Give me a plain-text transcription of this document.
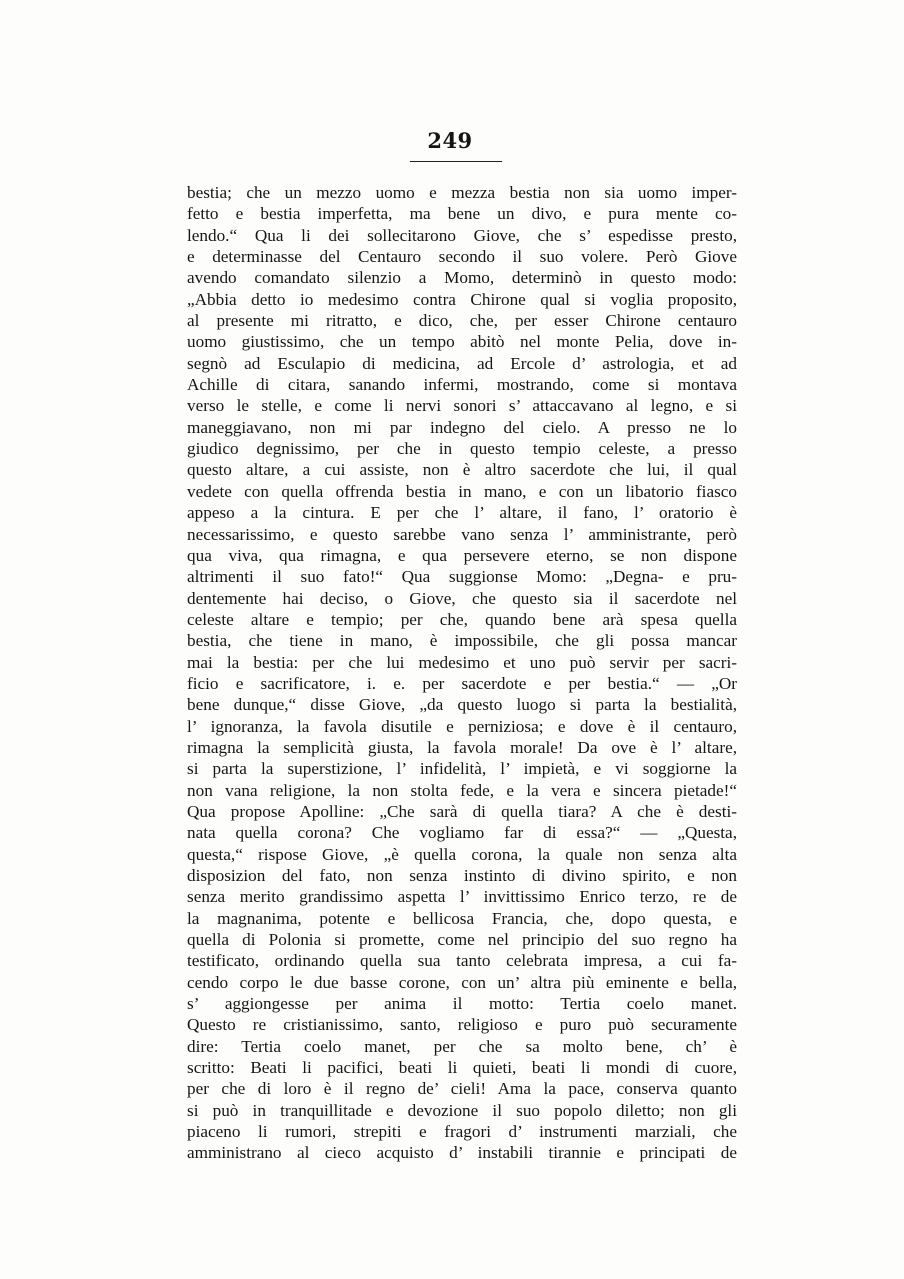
249
bestia; che un mezzo uomo e mezza bestia non sia uomo imper-
fetto e bestia imperfetta, ma bene un divo, e pura mente co-
lendo.“ Qua li dei sollecitarono Giove, che s’ espedisse presto,
e determinasse del Centauro secondo il suo volere. Però Giove
avendo comandato silenzio a Momo, determinò in questo modo:
„Abbia detto io medesimo contra Chirone qual si voglia proposito,
al presente mi ritratto, e dico, che, per esser Chirone centauro
uomo giustissimo, che un tempo abitò nel monte Pelia, dove in-
segnò ad Esculapio di medicina, ad Ercole d’ astrologia, et ad
Achille di citara, sanando infermi, mostrando, come si montava
verso le stelle, e come li nervi sonori s’ attaccavano al legno, e si
maneggiavano, non mi par indegno del cielo. A presso ne lo
giudico degnissimo, per che in questo tempio celeste, a presso
questo altare, a cui assiste, non è altro sacerdote che lui, il qual
vedete con quella offrenda bestia in mano, e con un libatorio fiasco
appeso a la cintura. E per che l’ altare, il fano, l’ oratorio è
necessarissimo, e questo sarebbe vano senza l’ amministrante, però
qua viva, qua rimagna, e qua persevere eterno, se non dispone
altrimenti il suo fato!“ Qua suggionse Momo: „Degna- e pru-
dentemente hai deciso, o Giove, che questo sia il sacerdote nel
celeste altare e tempio; per che, quando bene arà spesa quella
bestia, che tiene in mano, è impossibile, che gli possa mancar
mai la bestia: per che lui medesimo et uno può servir per sacri-
ficio e sacrificatore, i. e. per sacerdote e per bestia.“ — „Or
bene dunque,“ disse Giove, „da questo luogo si parta la bestialità,
l’ ignoranza, la favola disutile e perniziosa; e dove è il centauro,
rimagna la semplicità giusta, la favola morale! Da ove è l’ altare,
si parta la superstizione, l’ infidelità, l’ impietà, e vi soggiorne la
non vana religione, la non stolta fede, e la vera e sincera pietade!“
Qua propose Apolline: „Che sarà di quella tiara? A che è desti-
nata quella corona? Che vogliamo far di essa?“ — „Questa,
questa,“ rispose Giove, „è quella corona, la quale non senza alta
disposizion del fato, non senza instinto di divino spirito, e non
senza merito grandissimo aspetta l’ invittissimo Enrico terzo, re de
la magnanima, potente e bellicosa Francia, che, dopo questa, e
quella di Polonia si promette, come nel principio del suo regno ha
testificato, ordinando quella sua tanto celebrata impresa, a cui fa-
cendo corpo le due basse corone, con un’ altra più eminente e bella,
s’ aggiongesse per anima il motto: Tertia coelo manet.
Questo re cristianissimo, santo, religioso e puro può securamente
dire: Tertia coelo manet, per che sa molto bene, ch’ è
scritto: Beati li pacifici, beati li quieti, beati li mondi di cuore,
per che di loro è il regno de’ cieli! Ama la pace, conserva quanto
si può in tranquillitade e devozione il suo popolo diletto; non gli
piaceno li rumori, strepiti e fragori d’ instrumenti marziali, che
amministrano al cieco acquisto d’ instabili tirannie e principati de
